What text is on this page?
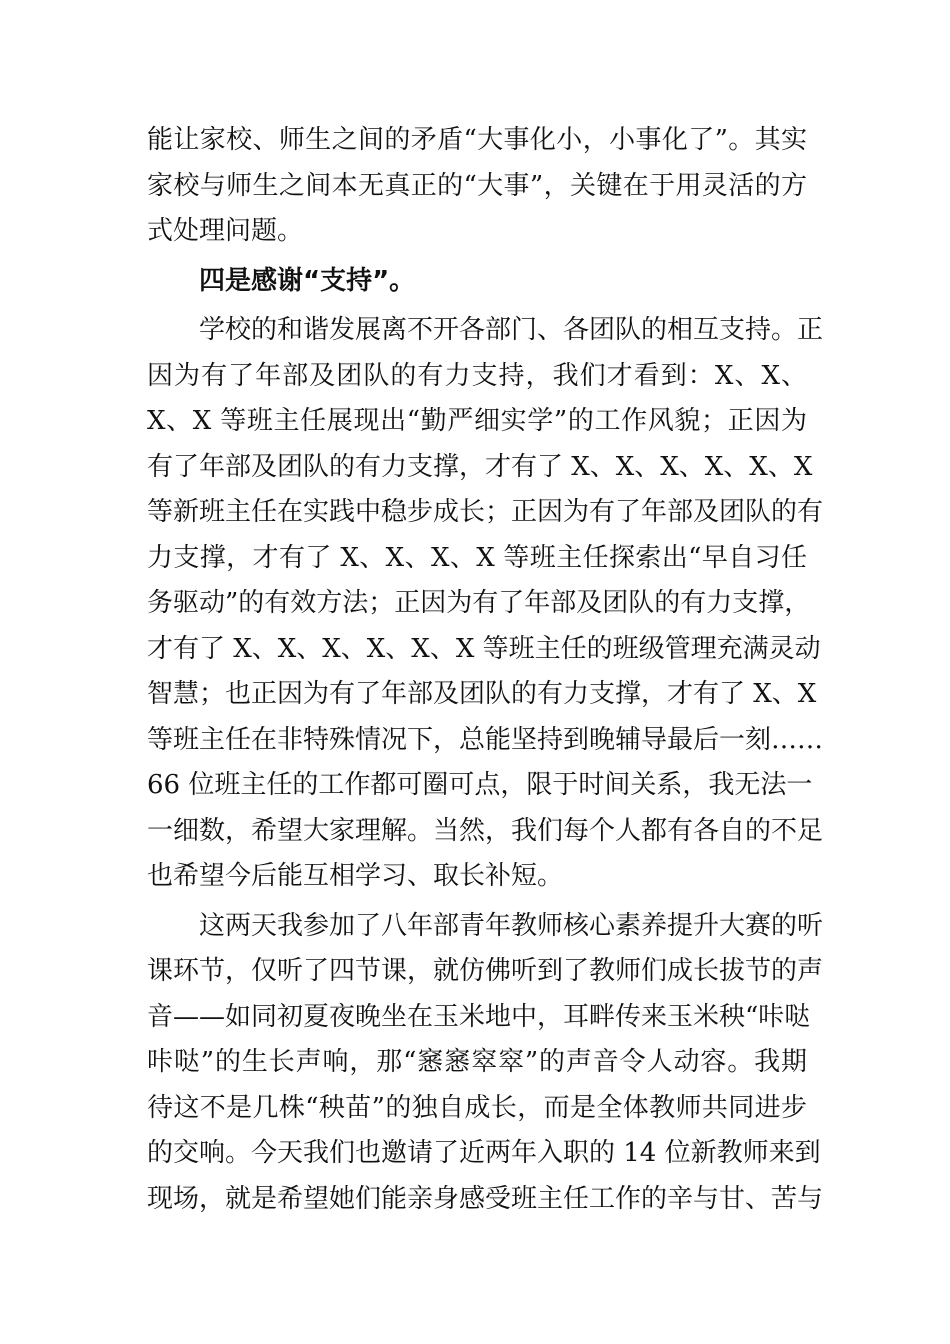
能让家校、师生之间的矛盾“大事化小，小事化了”。其实
家校与师生之间本无真正的“大事”，关键在于用灵活的方
式处理问题。
四是感谢“支持”。
学校的和谐发展离不开各部门、各团队的相互支持。正
因为有了年部及团队的有力支持，我们才看到：X、X、
X、X 等班主任展现出“勤严细实学”的工作风貌；正因为
有了年部及团队的有力支撑，才有了 X、X、X、X、X、X
等新班主任在实践中稳步成长；正因为有了年部及团队的有
力支撑，才有了 X、X、X、X 等班主任探索出“早自习任
务驱动”的有效方法；正因为有了年部及团队的有力支撑，
才有了 X、X、X、X、X、X 等班主任的班级管理充满灵动
智慧；也正因为有了年部及团队的有力支撑，才有了 X、X
等班主任在非特殊情况下，总能坚持到晚辅导最后一刻……
66 位班主任的工作都可圈可点，限于时间关系，我无法一
一细数，希望大家理解。当然，我们每个人都有各自的不足
也希望今后能互相学习、取长补短。
这两天我参加了八年部青年教师核心素养提升大赛的听
课环节，仅听了四节课，就仿佛听到了教师们成长拔节的声
音——如同初夏夜晚坐在玉米地中，耳畔传来玉米秧“咔哒
咔哒”的生长声响，那“窸窸窣窣”的声音令人动容。我期
待这不是几株“秧苗”的独自成长，而是全体教师共同进步
的交响。今天我们也邀请了近两年入职的 14 位新教师来到
现场，就是希望她们能亲身感受班主任工作的辛与甘、苦与
